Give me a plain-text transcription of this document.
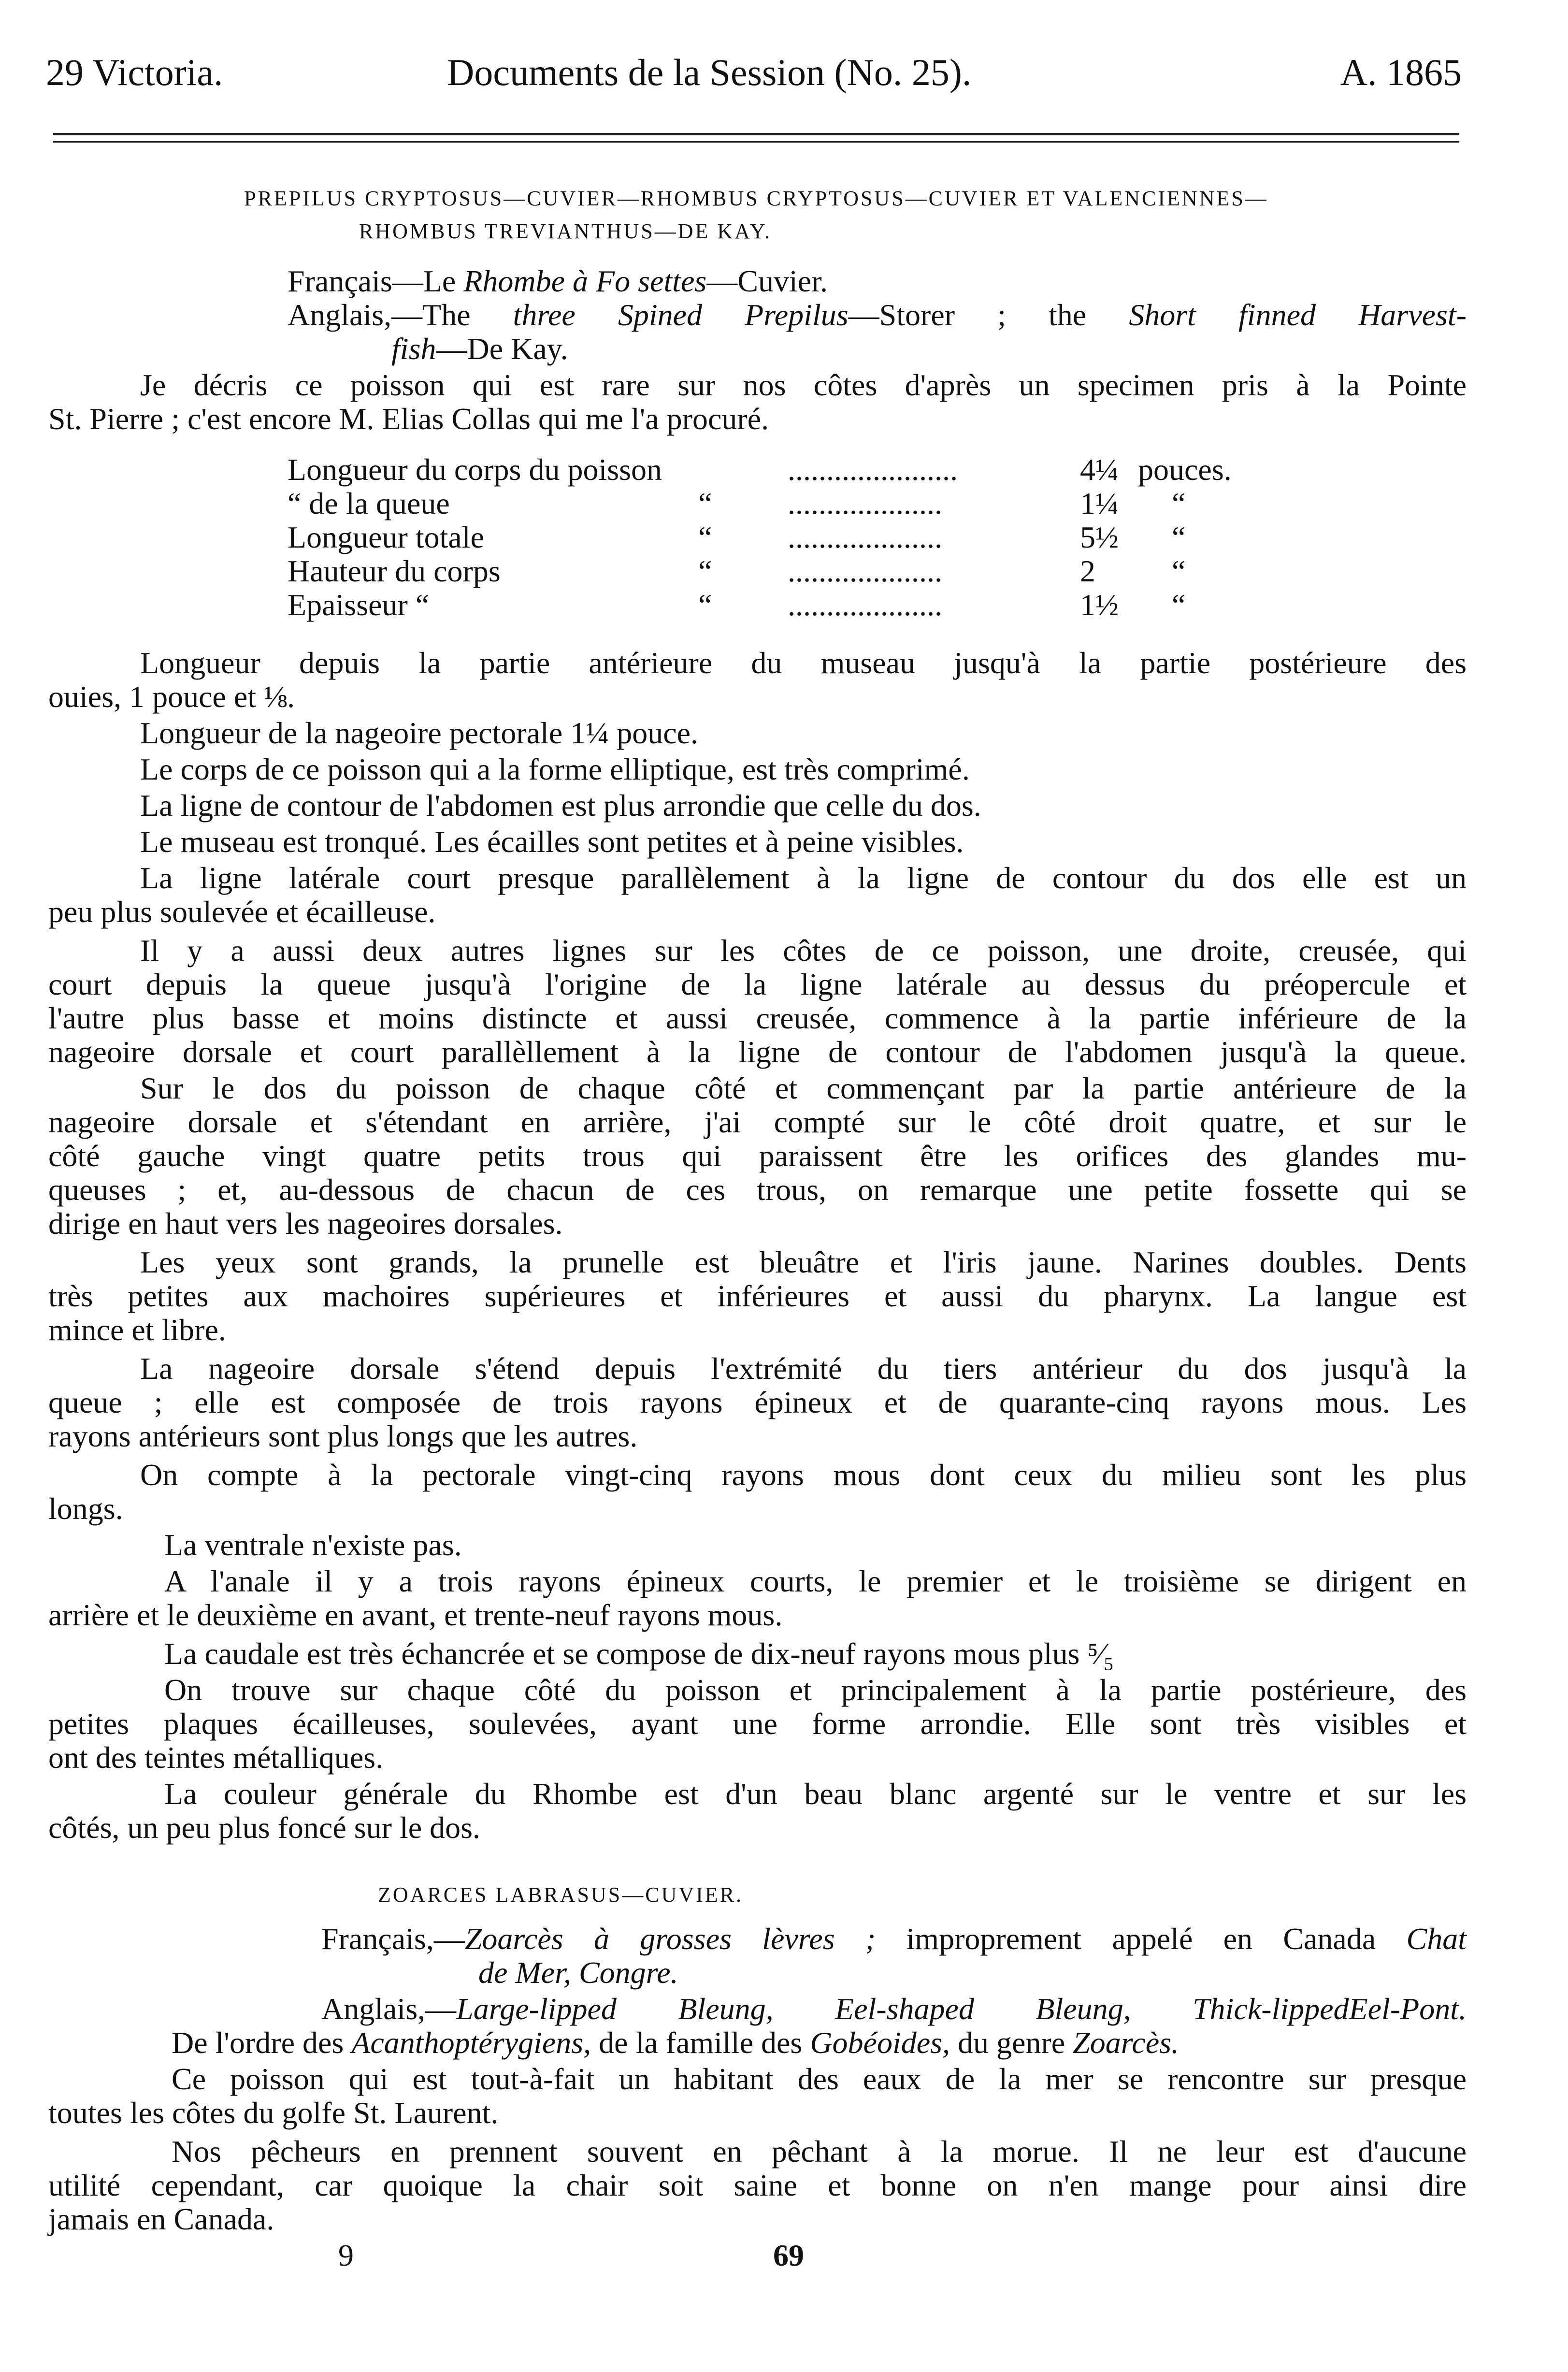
29 Victoria.	Documents de la Session (No. 25).	A. 1865
PREPILUS CRYPTOSUS—CUVIER—RHOMBUS CRYPTOSUS—CUVIER ET VALENCIENNES—
RHOMBUS TREVIANTHUS—DE KAY.
Français—Le Rhombe à Fo settes—Cuvier.
Anglais,—The three Spined Prepilus—Storer ; the Short finned Harvest-
fish—De Kay.
Je décris ce poisson qui est rare sur nos côtes d'après un specimen pris à la Pointe
St. Pierre ; c'est encore M. Elias Collas qui me l'a procuré.
Longueur du corps du poisson	......................	4¼ pouces.
“ de la queue	“ ....................	1¼ “
Longueur totale	“ ....................	5½ “
Hauteur du corps	“ ....................	2 “
Epaisseur “	“ ....................	1½ “
Longueur depuis la partie antérieure du museau jusqu'à la partie postérieure des
ouies, 1 pouce et ⅛.
Longueur de la nageoire pectorale 1¼ pouce.
Le corps de ce poisson qui a la forme elliptique, est très comprimé.
La ligne de contour de l'abdomen est plus arrondie que celle du dos.
Le museau est tronqué. Les écailles sont petites et à peine visibles.
La ligne latérale court presque parallèlement à la ligne de contour du dos elle est un
peu plus soulevée et écailleuse.
Il y a aussi deux autres lignes sur les côtes de ce poisson, une droite, creusée, qui
court depuis la queue jusqu'à l'origine de la ligne latérale au dessus du préopercule et
l'autre plus basse et moins distincte et aussi creusée, commence à la partie inférieure de la
nageoire dorsale et court parallèllement à la ligne de contour de l'abdomen jusqu'à la queue.
Sur le dos du poisson de chaque côté et commençant par la partie antérieure de la
nageoire dorsale et s'étendant en arrière, j'ai compté sur le côté droit quatre, et sur le
côté gauche vingt quatre petits trous qui paraissent être les orifices des glandes mu-
queuses ; et, au-dessous de chacun de ces trous, on remarque une petite fossette qui se
dirige en haut vers les nageoires dorsales.
Les yeux sont grands, la prunelle est bleuâtre et l'iris jaune. Narines doubles. Dents
très petites aux machoires supérieures et inférieures et aussi du pharynx. La langue est
mince et libre.
La nageoire dorsale s'étend depuis l'extrémité du tiers antérieur du dos jusqu'à la
queue ; elle est composée de trois rayons épineux et de quarante-cinq rayons mous. Les
rayons antérieurs sont plus longs que les autres.
On compte à la pectorale vingt-cinq rayons mous dont ceux du milieu sont les plus
longs.
La ventrale n'existe pas.
A l'anale il y a trois rayons épineux courts, le premier et le troisième se dirigent en
arrière et le deuxième en avant, et trente-neuf rayons mous.
La caudale est très échancrée et se compose de dix-neuf rayons mous plus ⁵⁄₅
On trouve sur chaque côté du poisson et principalement à la partie postérieure, des
petites plaques écailleuses, soulevées, ayant une forme arrondie. Elle sont très visibles et
ont des teintes métalliques.
La couleur générale du Rhombe est d'un beau blanc argenté sur le ventre et sur les
côtés, un peu plus foncé sur le dos.
ZOARCES LABRASUS—CUVIER.
Français,—Zoarcès à grosses lèvres ; improprement appelé en Canada Chat
de Mer, Congre.
Anglais,—Large-lipped Bleung, Eel-shaped Bleung, Thick-lippedEel-Pont.
De l'ordre des Acanthoptérygiens, de la famille des Gobéoides, du genre Zoarcès.
Ce poisson qui est tout-à-fait un habitant des eaux de la mer se rencontre sur presque
toutes les côtes du golfe St. Laurent.
Nos pêcheurs en prennent souvent en pêchant à la morue. Il ne leur est d'aucune
utilité cependant, car quoique la chair soit saine et bonne on n'en mange pour ainsi dire
jamais en Canada.
9	69
